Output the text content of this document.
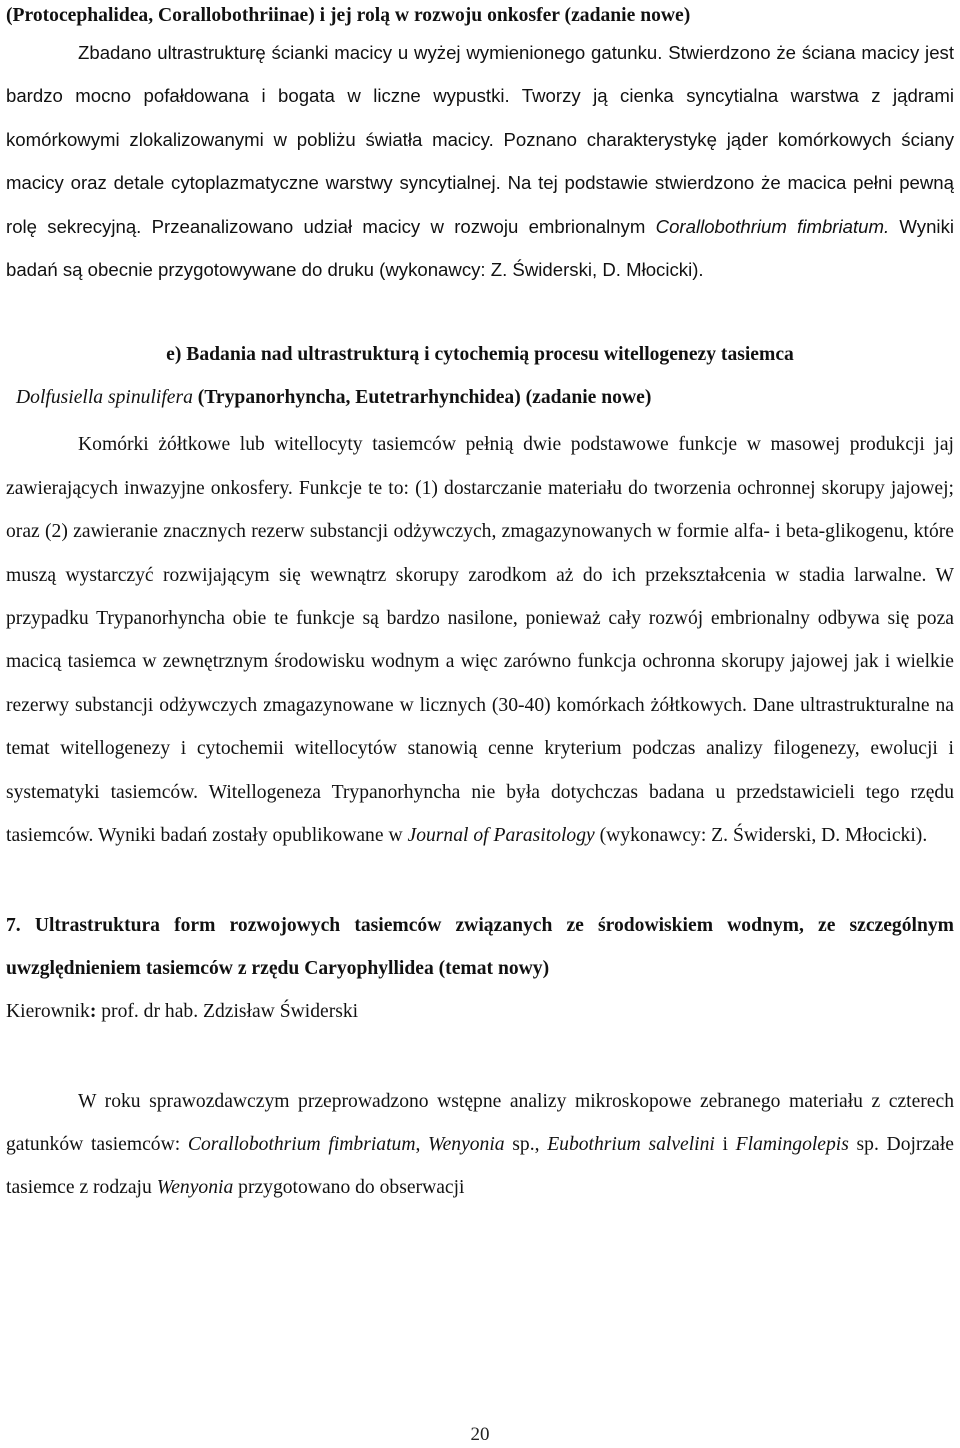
(Protocephalidea, Corallobothriinae) i jej rolą w rozwoju onkosfer (zadanie nowe)

Zbadano ultrastrukturę ścianki macicy u wyżej wymienionego gatunku. Stwierdzono że ściana macicy jest bardzo mocno pofałdowana i bogata w liczne wypustki. Tworzy ją cienka syncytialna warstwa z jądrami komórkowymi zlokalizowanymi w pobliżu światła macicy. Poznano charakterystykę jąder komórkowych ściany macicy oraz detale cytoplazmatyczne warstwy syncytialnej. Na tej podstawie stwierdzono że macica pełni pewną rolę sekrecyjną. Przeanalizowano udział macicy w rozwoju embrionalnym Corallobothrium fimbriatum. Wyniki badań są obecnie przygotowywane do druku (wykonawcy: Z. Świderski, D. Młocicki).

e) Badania nad ultrastrukturą i cytochemią procesu witellogenezy tasiemca

Dolfusiella spinulifera (Trypanorhyncha, Eutetrarhynchidea) (zadanie nowe)

Komórki żółtkowe lub witellocyty tasiemców pełnią dwie podstawowe funkcje w masowej produkcji jaj zawierających inwazyjne onkosfery. Funkcje te to: (1) dostarczanie materiału do tworzenia ochronnej skorupy jajowej; oraz (2) zawieranie znacznych rezerw substancji odżywczych, zmagazynowanych w formie alfa- i beta-glikogenu, które muszą wystarczyć rozwijającym się wewnątrz skorupy zarodkom aż do ich przekształcenia w stadia larwalne. W przypadku Trypanorhyncha obie te funkcje są bardzo nasilone, ponieważ cały rozwój embrionalny odbywa się poza macicą tasiemca w zewnętrznym środowisku wodnym a więc zarówno funkcja ochronna skorupy jajowej jak i wielkie rezerwy substancji odżywczych zmagazynowane w licznych (30-40) komórkach żółtkowych. Dane ultrastrukturalne na temat witellogenezy i cytochemii witellocytów stanowią cenne kryterium podczas analizy filogenezy, ewolucji i systematyki tasiemców. Witellogeneza Trypanorhyncha nie była dotychczas badana u przedstawicieli tego rzędu tasiemców. Wyniki badań zostały opublikowane w Journal of Parasitology (wykonawcy: Z. Świderski, D. Młocicki).

7. Ultrastruktura form rozwojowych tasiemców związanych ze środowiskiem wodnym, ze szczególnym uwzględnieniem tasiemców z rzędu Caryophyllidea (temat nowy)

Kierownik: prof. dr hab. Zdzisław Świderski

W roku sprawozdawczym przeprowadzono wstępne analizy mikroskopowe zebranego materiału z czterech gatunków tasiemców: Corallobothrium fimbriatum, Wenyonia sp., Eubothrium salvelini i Flamingolepis sp. Dojrzałe tasiemce z rodzaju Wenyonia przygotowano do obserwacji

20
